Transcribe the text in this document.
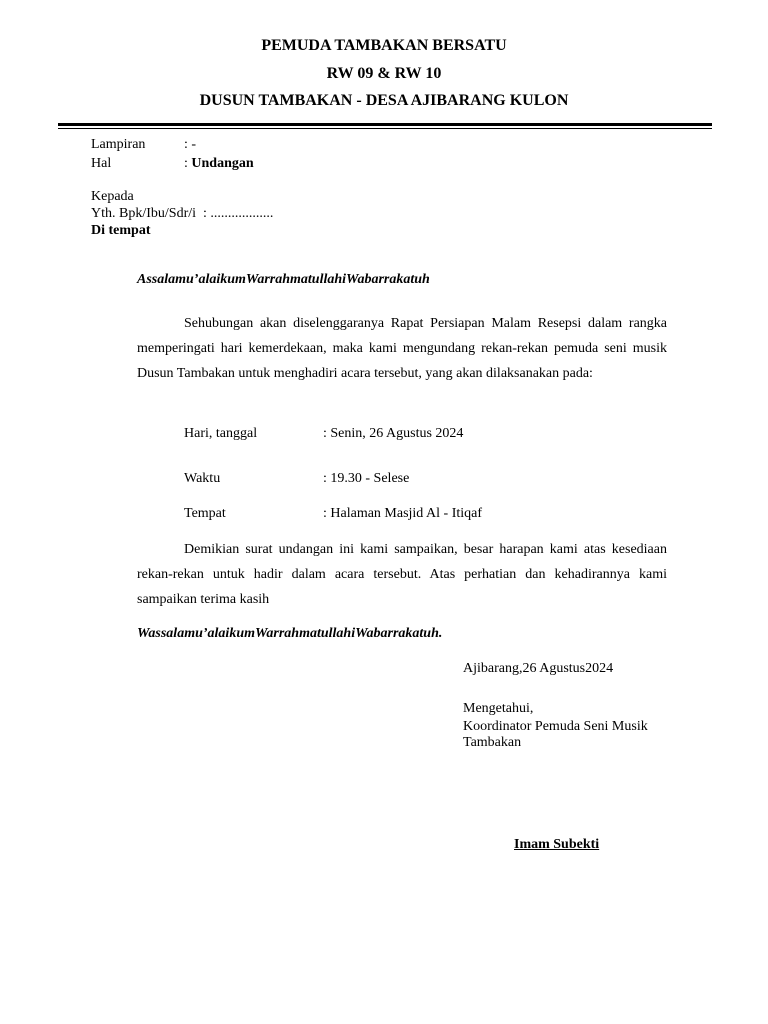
PEMUDA TAMBAKAN BERSATU
RW 09 & RW 10
DUSUN TAMBAKAN - DESA AJIBARANG KULON
Lampiran	: -
Hal	: Undangan
Kepada
Yth. Bpk/Ibu/Sdr/i  : ..................
Di tempat
Assalamu’alaikumWarrahmatullahiWabarrakatuh
Sehubungan akan diselenggaranya Rapat Persiapan Malam Resepsi dalam rangka memperingati hari kemerdekaan, maka kami mengundang rekan-rekan pemuda seni musik Dusun Tambakan untuk menghadiri acara tersebut, yang akan dilaksanakan pada:
Hari, tanggal	: Senin, 26 Agustus 2024
Waktu	: 19.30 - Selese
Tempat	: Halaman Masjid Al - Itiqaf
Demikian surat undangan ini kami sampaikan, besar harapan kami atas kesediaan rekan-rekan untuk hadir dalam acara tersebut. Atas perhatian dan kehadirannya kami sampaikan terima kasih
Wassalamu’alaikumWarrahmatullahiWabarrakatuh.
Ajibarang,26 Agustus2024
Mengetahui,
Koordinator Pemuda Seni Musik
Tambakan
Imam Subekti
